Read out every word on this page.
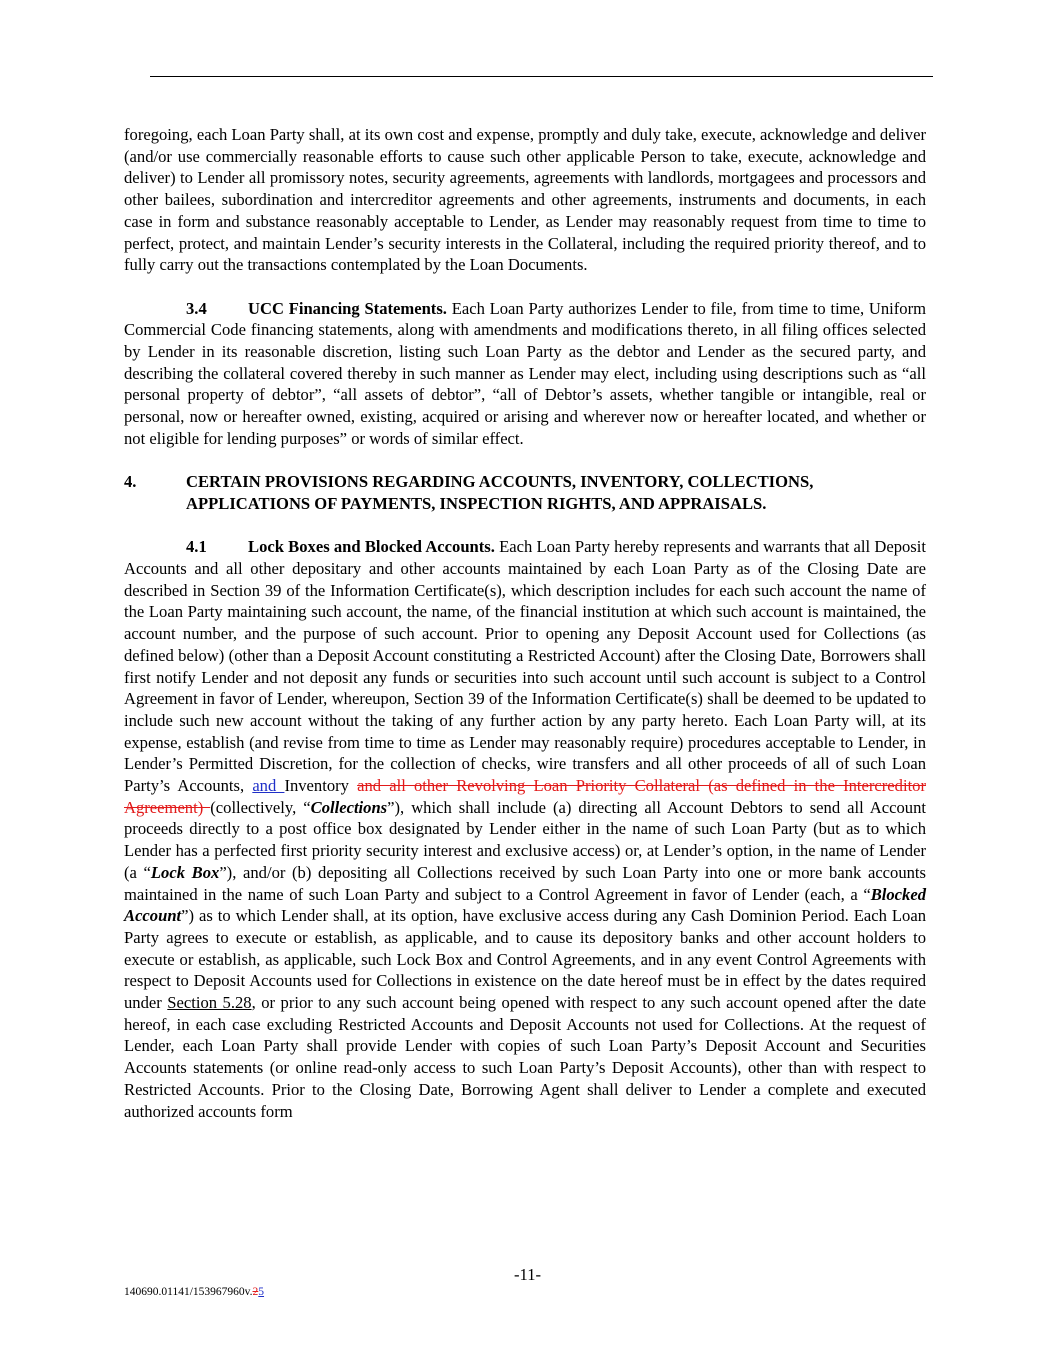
foregoing, each Loan Party shall, at its own cost and expense, promptly and duly take, execute, acknowledge and deliver (and/or use commercially reasonable efforts to cause such other applicable Person to take, execute, acknowledge and deliver) to Lender all promissory notes, security agreements, agreements with landlords, mortgagees and processors and other bailees, subordination and intercreditor agreements and other agreements, instruments and documents, in each case in form and substance reasonably acceptable to Lender, as Lender may reasonably request from time to time to perfect, protect, and maintain Lender’s security interests in the Collateral, including the required priority thereof, and to fully carry out the transactions contemplated by the Loan Documents.

3.4 UCC Financing Statements. Each Loan Party authorizes Lender to file, from time to time, Uniform Commercial Code financing statements, along with amendments and modifications thereto, in all filing offices selected by Lender in its reasonable discretion, listing such Loan Party as the debtor and Lender as the secured party, and describing the collateral covered thereby in such manner as Lender may elect, including using descriptions such as “all personal property of debtor”, “all assets of debtor”, “all of Debtor’s assets, whether tangible or intangible, real or personal, now or hereafter owned, existing, acquired or arising and wherever now or hereafter located, and whether or not eligible for lending purposes” or words of similar effect.

4.	CERTAIN PROVISIONS REGARDING ACCOUNTS, INVENTORY, COLLECTIONS, APPLICATIONS OF PAYMENTS, INSPECTION RIGHTS, AND APPRAISALS.

4.1 Lock Boxes and Blocked Accounts. Each Loan Party hereby represents and warrants that all Deposit Accounts and all other depositary and other accounts maintained by each Loan Party as of the Closing Date are described in Section 39 of the Information Certificate(s), which description includes for each such account the name of the Loan Party maintaining such account, the name, of the financial institution at which such account is maintained, the account number, and the purpose of such account. Prior to opening any Deposit Account used for Collections (as defined below) (other than a Deposit Account constituting a Restricted Account) after the Closing Date, Borrowers shall first notify Lender and not deposit any funds or securities into such account until such account is subject to a Control Agreement in favor of Lender, whereupon, Section 39 of the Information Certificate(s) shall be deemed to be updated to include such new account without the taking of any further action by any party hereto. Each Loan Party will, at its expense, establish (and revise from time to time as Lender may reasonably require) procedures acceptable to Lender, in Lender’s Permitted Discretion, for the collection of checks, wire transfers and all other proceeds of all of such Loan Party’s Accounts, and Inventory and all other Revolving Loan Priority Collateral (as defined in the Intercreditor Agreement) (collectively, “Collections”), which shall include (a) directing all Account Debtors to send all Account proceeds directly to a post office box designated by Lender either in the name of such Loan Party (but as to which Lender has a perfected first priority security interest and exclusive access) or, at Lender’s option, in the name of Lender (a “Lock Box”), and/or (b) depositing all Collections received by such Loan Party into one or more bank accounts maintained in the name of such Loan Party and subject to a Control Agreement in favor of Lender (each, a “Blocked Account”) as to which Lender shall, at its option, have exclusive access during any Cash Dominion Period. Each Loan Party agrees to execute or establish, as applicable, and to cause its depository banks and other account holders to execute or establish, as applicable, such Lock Box and Control Agreements, and in any event Control Agreements with respect to Deposit Accounts used for Collections in existence on the date hereof must be in effect by the dates required under Section 5.28, or prior to any such account being opened with respect to any such account opened after the date hereof, in each case excluding Restricted Accounts and Deposit Accounts not used for Collections. At the request of Lender, each Loan Party shall provide Lender with copies of such Loan Party’s Deposit Account and Securities Accounts statements (or online read-only access to such Loan Party’s Deposit Accounts), other than with respect to Restricted Accounts. Prior to the Closing Date, Borrowing Agent shall deliver to Lender a complete and executed authorized accounts form

-11-
140690.01141/153967960v.25
